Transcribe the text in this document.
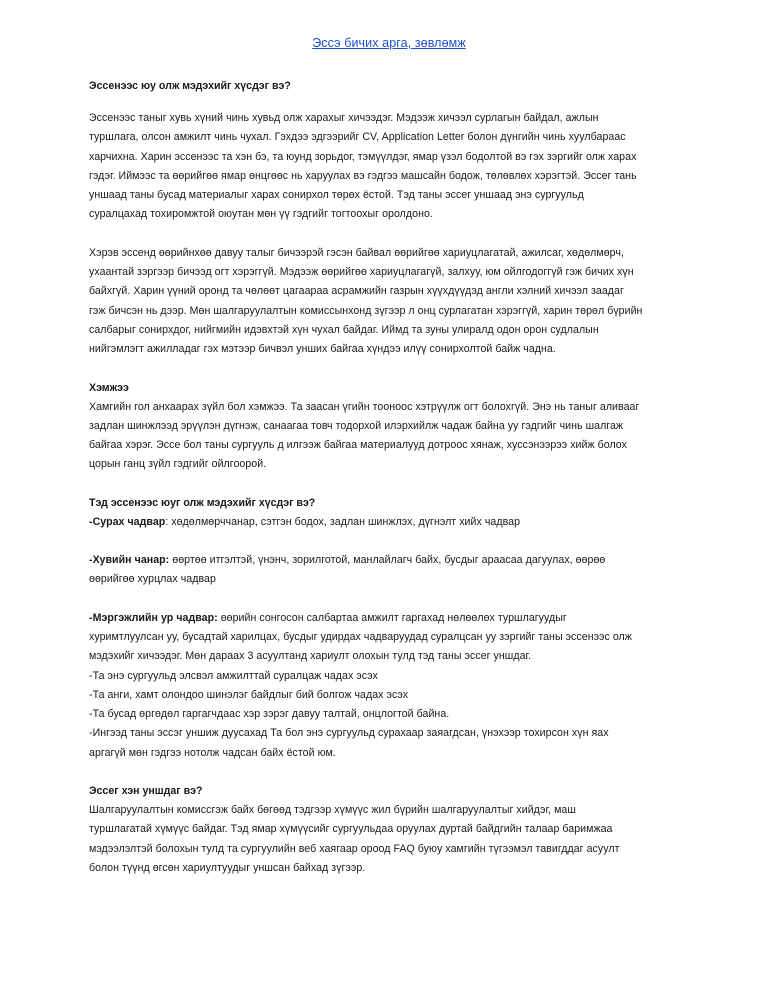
Эссэ бичих арга, зөвлөмж

Эссенээс юу олж мэдэхийг хүсдэг вэ?

Эссенээс таныг хувь хүний чинь хувьд олж харахыг хичээдэг. Мэдээж хичээл сурлагын байдал, ажлын
туршлага, олсон амжилт чинь чухал. Гэхдээ эдгээрийг CV, Application Letter болон дүнгийн чинь хуулбараас
харчихна. Харин эссенээс та хэн бэ, та юунд зорьдог, тэмүүлдэг, ямар үзэл бодолтой вэ гэх зэргийг олж харах
гэдэг. Иймээс та өөрийгөө ямар өнцгөөс нь харуулах вэ гэдгээ машсайн бодож, төлөвлөх хэрэгтэй. Эссег тань
уншаад таны бусад материалыг харах сонирхол төрөх ёстой. Тэд таны эссег уншаад энэ сургуульд
суралцахад тохиромжтой оюутан мөн үү гэдгийг тогтоохыг оролдоно.
Хэрэв эссенд өөрийнхөө давуу талыг бичээрэй гэсэн байвал өөрийгөө хариуцлагатай, ажилсаг, хөдөлмөрч,
ухаантай зэргээр бичээд огт хэрэггүй. Мэдээж өөрийгөө хариуцлагагүй, залхуу, юм ойлгодоггүй гэж бичих хүн
байхгүй. Харин үүний оронд та чөлөөт цагаараа асрамжийн газрын хүүхдүүдэд англи хэлний хичээл заадаг
гэж бичсэн нь дээр. Мөн шалгаруулалтын комиссынхонд зүгээр л онц сурлагатан хэрэггүй, харин төрөл бүрийн
салбарыг сонирхдог, нийгмийн идэвхтэй хүн чухал байдаг. Иймд та зуны улиралд одон орон судлалын
нийгэмлэгт ажилладаг гэх мэтээр бичвэл унших байгаа хүндээ илүү сонирхолтой байж чадна.

Хэмжээ

Хамгийн гол анхаарах зүйл бол хэмжээ. Та заасан үгийн тооноос хэтрүүлж огт болохгүй. Энэ нь таныг аливааг
задлан шинжлээд эрүүлэн дүгнэж, санаагаа товч тодорхой илэрхийлж чадаж байна уу гэдгийг чинь шалгаж
байгаа хэрэг. Эссе бол таны сургууль д илгээж байгаа материалууд дотроос хянаж, хуссэнээрээ хийж болох
цорын ганц зүйл гэдгийг ойлгоорой.

Тэд эссенээс юуг олж мэдэхийг хүсдэг вэ?

-Сурах чадвар: хөдөлмөрччанар, сэтгэн бодох, задлан шинжлэх, дүгнэлт хийх чадвар
-Хувийн чанар: өөртөө итгэлтэй, үнэнч, зорилготой, манлайлагч байх, бусдыг араасаа дагуулах, өөрөө
өөрийгөө хурцлах чадвар
-Мэргэжлийн ур чадвар: өөрийн сонгосон салбартаа амжилт гаргахад нөлөөлөх туршлагуудыг
хуримтлуулсан уу, бусадтай харилцах, бусдыг удирдах чадваруудад суралцсан уу зэргийг таны эссенээс олж
мэдэхийг хичээдэг. Мөн дараах 3 асуултанд хариулт олохын тулд тэд таны эссег уншдаг.
-Та энэ сургуульд элсвэл амжилттай суралцаж чадах эсэх
-Та анги, хамт олондоо шинэлэг байдлыг бий болгож чадах эсэх
-Та бусад өргөдөл гаргагчдаас хэр зэрэг давуу талтай, онцлогтой байна.
-Ингээд таны эссэг уншиж дуусахад Та бол энэ сургуульд сурахаар заяагдсан, үнэхээр тохирсон хүн яах
аргагүй мөн гэдгээ нотолж чадсан байх ёстой юм.

Эссег хэн уншдаг вэ?

Шалгаруулалтын комиссгэж байх бөгөөд тэдгээр хүмүүс жил бүрийн шалгаруулалтыг хийдэг, маш
туршлагатай хүмүүс байдаг. Тэд ямар хүмүүсийг сургуульдаа оруулах дуртай байдгийн талаар баримжаа
мэдээлэлтэй болохын тулд та сургуулийн веб хаягаар ороод FAQ буюу хамгийн түгээмэл тавигддаг асуулт
болон түүнд өгсөн хариултуудыг уншсан байхад зүгээр.
